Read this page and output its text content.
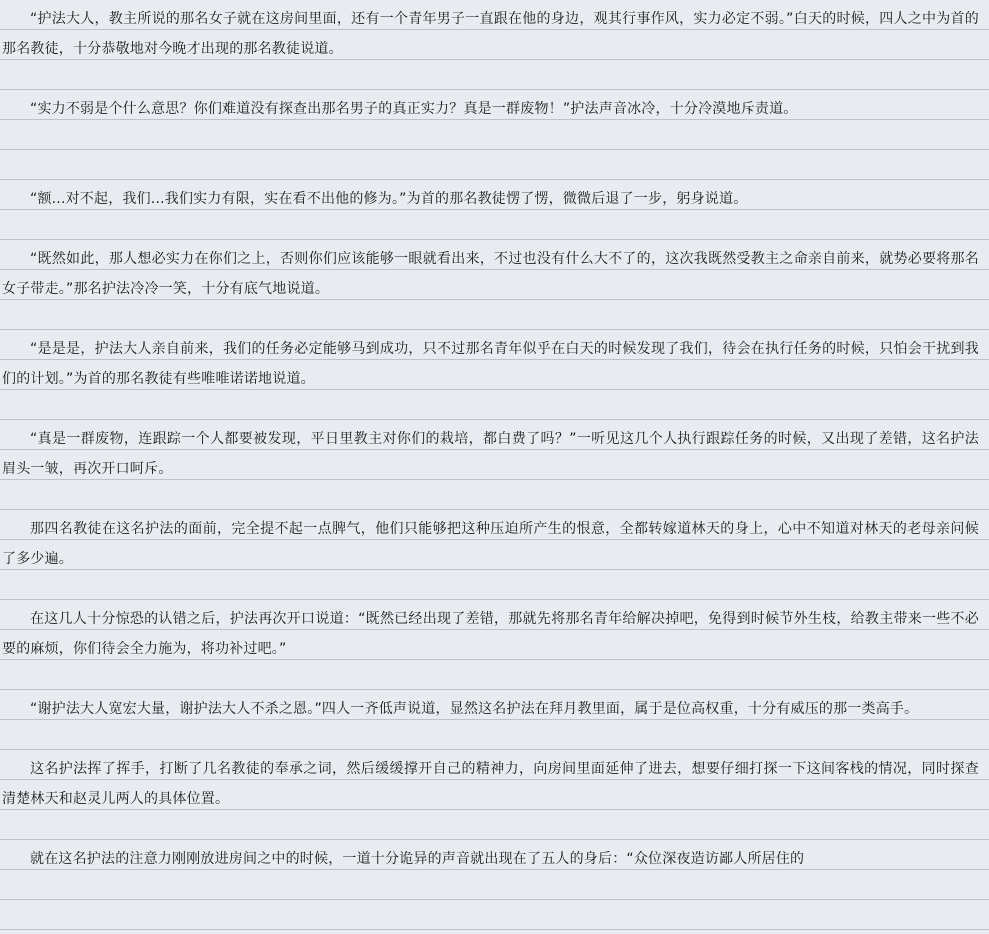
“护法大人，教主所说的那名女子就在这房间里面，还有一个青年男子一直跟在他的身边，观其行事作风，实力必定不弱。”白天的时候，四人之中为首的那名教徒，十分恭敬地对今晚才出现的那名教徒说道。

“实力不弱是个什么意思？你们难道没有探查出那名男子的真正实力？真是一群废物！”护法声音冰冷，十分冷漠地斥责道。

“额...对不起，我们...我们实力有限，实在看不出他的修为。”为首的那名教徒愣了愣，微微后退了一步，躬身说道。

“既然如此，那人想必实力在你们之上，否则你们应该能够一眼就看出来，不过也没有什么大不了的，这次我既然受教主之命亲自前来，就势必要将那名女子带走。”那名护法冷冷一笑，十分有底气地说道。

“是是是，护法大人亲自前来，我们的任务必定能够马到成功，只不过那名青年似乎在白天的时候发现了我们，待会在执行任务的时候，只怕会干扰到我们的计划。”为首的那名教徒有些唯唯诺诺地说道。

“真是一群废物，连跟踪一个人都要被发现，平日里教主对你们的栽培，都白费了吗？”一听见这几个人执行跟踪任务的时候，又出现了差错，这名护法眉头一皱，再次开口呵斥。

那四名教徒在这名护法的面前，完全提不起一点脾气，他们只能够把这种压迫所产生的恨意，全都转嫁道林天的身上，心中不知道对林天的老母亲问候了多少遍。

在这几人十分惊恐的认错之后，护法再次开口说道：“既然已经出现了差错，那就先将那名青年给解决掉吧，免得到时候节外生枝，给教主带来一些不必要的麻烦，你们待会全力施为，将功补过吧。”

“谢护法大人宽宏大量，谢护法大人不杀之恩。”四人一齐低声说道，显然这名护法在拜月教里面，属于是位高权重，十分有威压的那一类高手。

这名护法挥了挥手，打断了几名教徒的奉承之词，然后缓缓撑开自己的精神力，向房间里面延伸了进去，想要仔细打探一下这间客栈的情况，同时探查清楚林天和赵灵儿两人的具体位置。

就在这名护法的注意力刚刚放进房间之中的时候，一道十分诡异的声音就出现在了五人的身后：“众位深夜造访鄙人所居住的
